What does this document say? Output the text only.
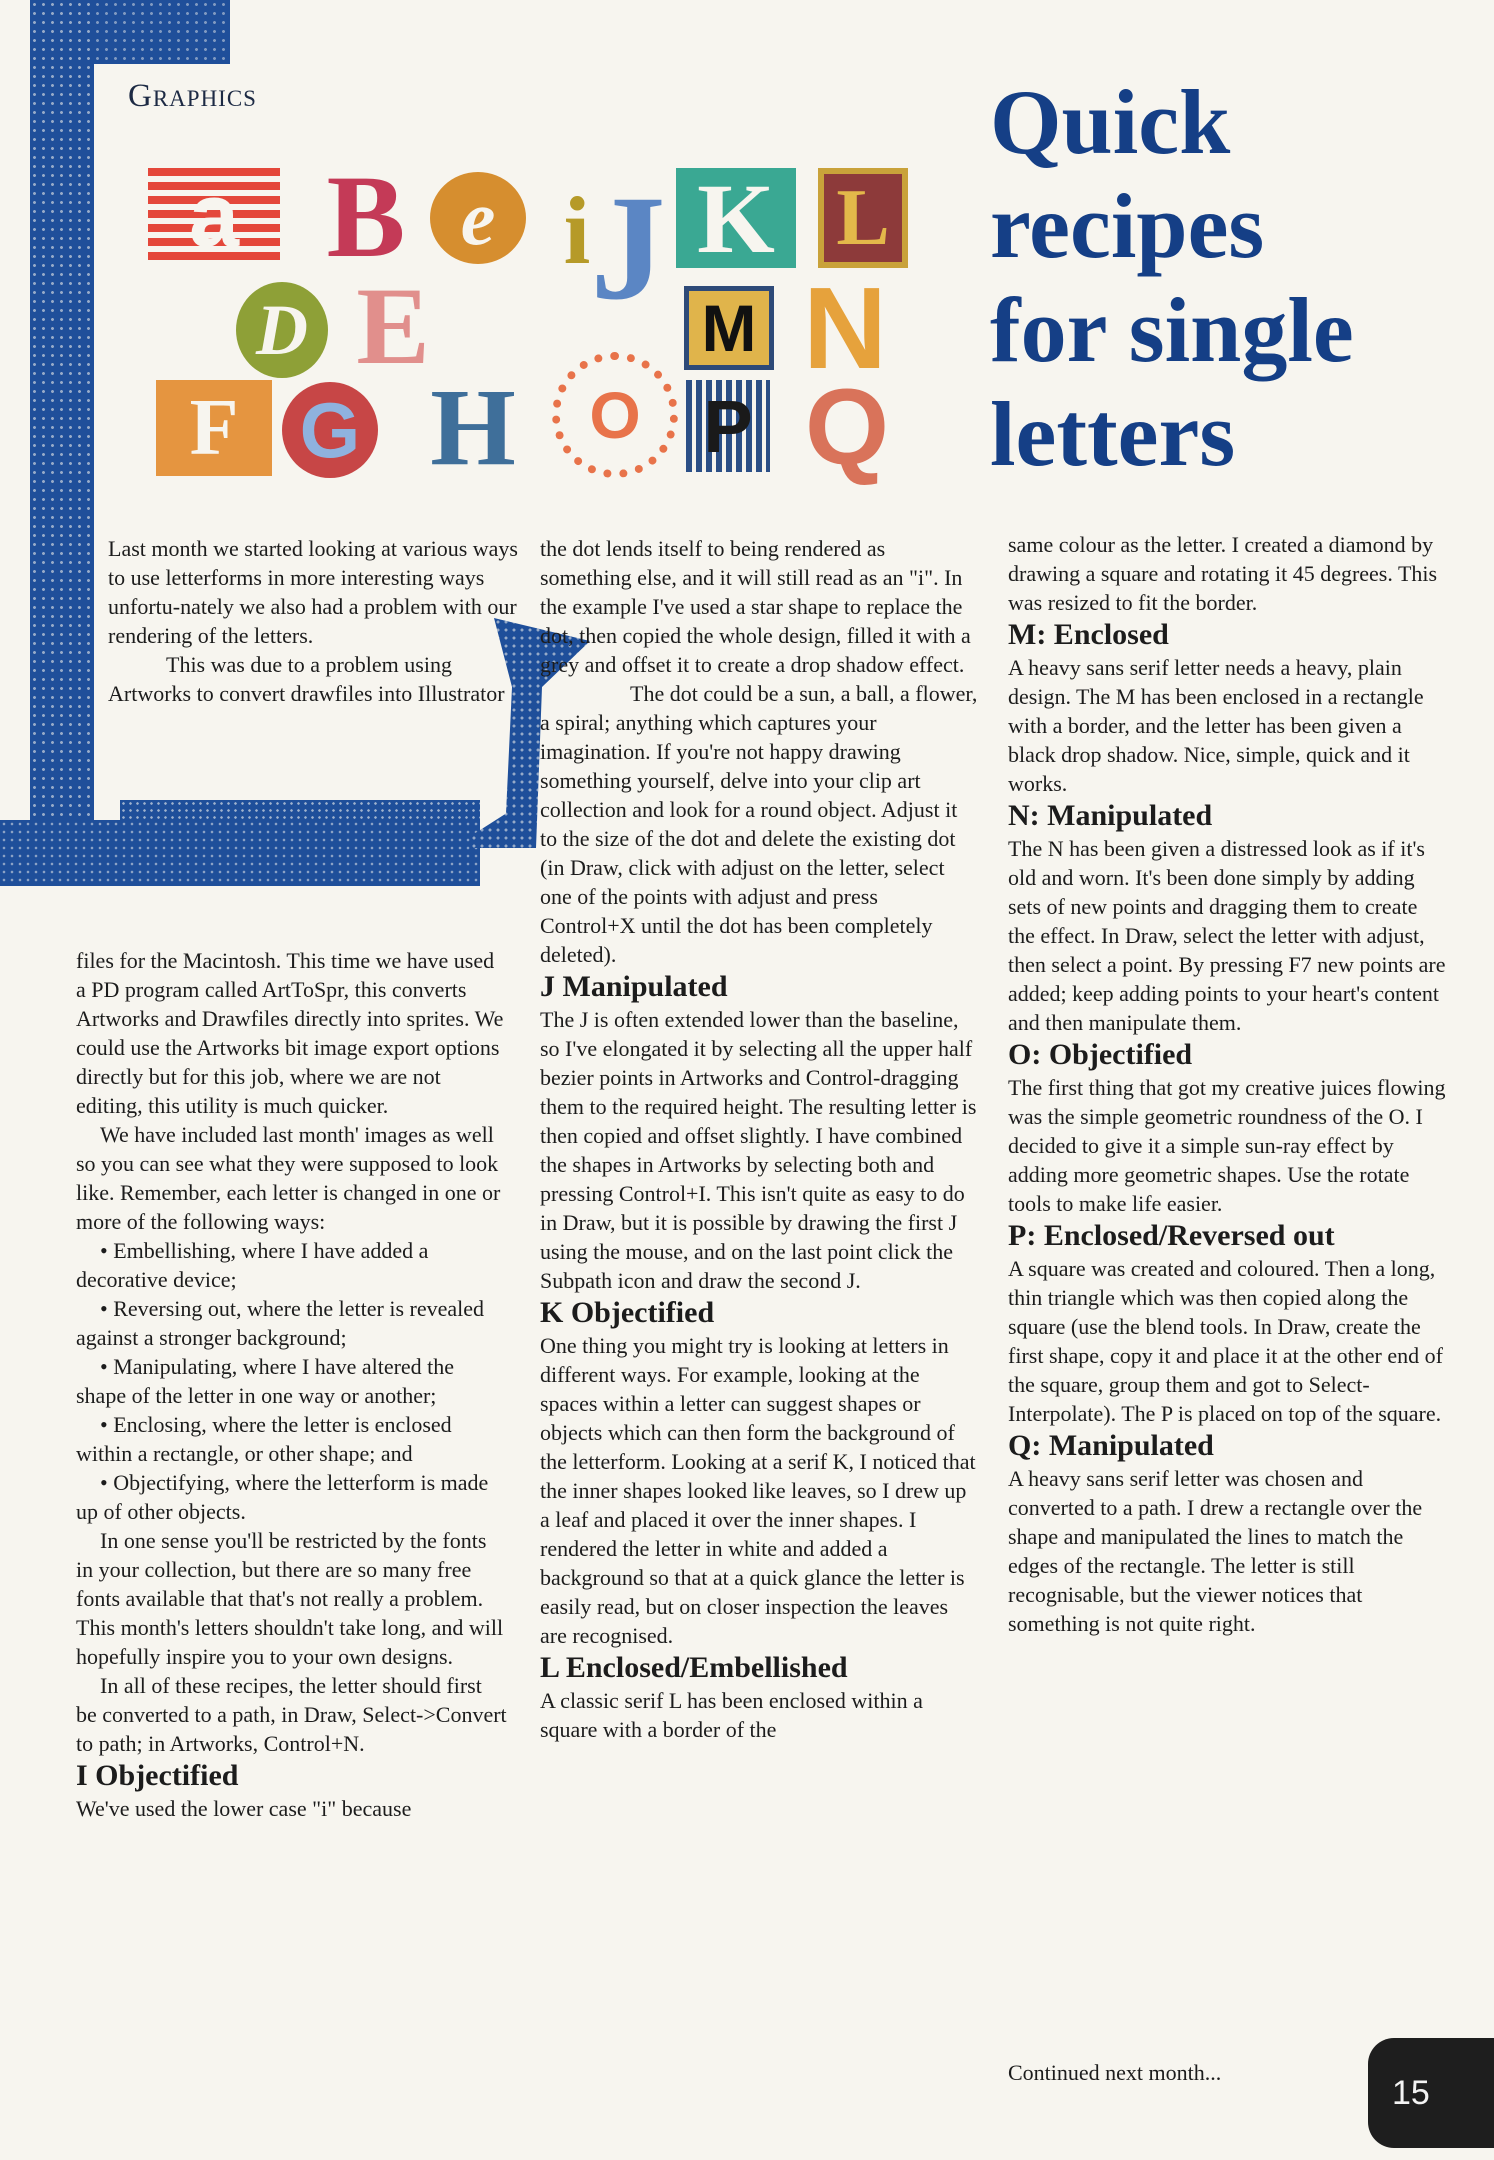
Graphics	Quick
recipes
for single
letters
a B e i J K L
D E	M N
F G H O P Q

Last month we started looking at various ways to use letterforms in more interesting ways unfortu-nately we also had a problem with our rendering of the letters.

This was due to a problem using Artworks to convert drawfiles into Illustrator

files for the Macintosh. This time we have used a PD program called ArtToSpr, this converts Artworks and Drawfiles directly into sprites. We could use the Artworks bit image export options directly but for this job, where we are not editing, this utility is much quicker.

We have included last month' images as well so you can see what they were supposed to look like. Remember, each letter is changed in one or more of the following ways:

• Embellishing, where I have added a decorative device;

• Reversing out, where the letter is revealed against a stronger background;

• Manipulating, where I have altered the shape of the letter in one way or another;

• Enclosing, where the letter is enclosed within a rectangle, or other shape; and

• Objectifying, where the letterform is made up of other objects.

In one sense you'll be restricted by the fonts in your collection, but there are so many free fonts available that that's not really a problem. This month's letters shouldn't take long, and will hopefully inspire you to your own designs.

In all of these recipes, the letter should first be converted to a path, in Draw, Select->Convert to path; in Artworks, Control+N.

I Objectified

We've used the lower case "i" because

the dot lends itself to being rendered as something else, and it will still read as an "i". In the example I've used a star shape to replace the dot, then copied the whole design, filled it with a grey and offset it to create a drop shadow effect.

The dot could be a sun, a ball, a flower, a spiral; anything which captures your imagination. If you're not happy drawing something yourself, delve into your clip art collection and look for a round object. Adjust it to the size of the dot and delete the existing dot (in Draw, click with adjust on the letter, select one of the points with adjust and press Control+X until the dot has been completely deleted).

J Manipulated

The J is often extended lower than the baseline, so I've elongated it by selecting all the upper half bezier points in Artworks and Control-dragging them to the required height. The resulting letter is then copied and offset slightly. I have combined the shapes in Artworks by selecting both and pressing Control+I. This isn't quite as easy to do in Draw, but it is possible by drawing the first J using the mouse, and on the last point click the Subpath icon and draw the second J.

K Objectified

One thing you might try is looking at letters in different ways. For example, looking at the spaces within a letter can suggest shapes or objects which can then form the background of the letterform. Looking at a serif K, I noticed that the inner shapes looked like leaves, so I drew up a leaf and placed it over the inner shapes. I rendered the letter in white and added a background so that at a quick glance the letter is easily read, but on closer inspection the leaves are recognised.

L Enclosed/Embellished

A classic serif L has been enclosed within a square with a border of the

same colour as the letter. I created a diamond by drawing a square and rotating it 45 degrees. This was resized to fit the border.

M: Enclosed

A heavy sans serif letter needs a heavy, plain design. The M has been enclosed in a rectangle with a border, and the letter has been given a black drop shadow. Nice, simple, quick and it works.

N: Manipulated

The N has been given a distressed look as if it's old and worn. It's been done simply by adding sets of new points and dragging them to create the effect. In Draw, select the letter with adjust, then select a point. By pressing F7 new points are added; keep adding points to your heart's content and then manipulate them.

O: Objectified

The first thing that got my creative juices flowing was the simple geometric roundness of the O. I decided to give it a simple sun-ray effect by adding more geometric shapes. Use the rotate tools to make life easier.

P: Enclosed/Reversed out

A square was created and coloured. Then a long, thin triangle which was then copied along the square (use the blend tools. In Draw, create the first shape, copy it and place it at the other end of the square, group them and got to Select-Interpolate). The P is placed on top of the square.

Q: Manipulated

A heavy sans serif letter was chosen and converted to a path. I drew a rectangle over the shape and manipulated the lines to match the edges of the rectangle. The letter is still recognisable, but the viewer notices that something is not quite right.

Continued next month...
15
